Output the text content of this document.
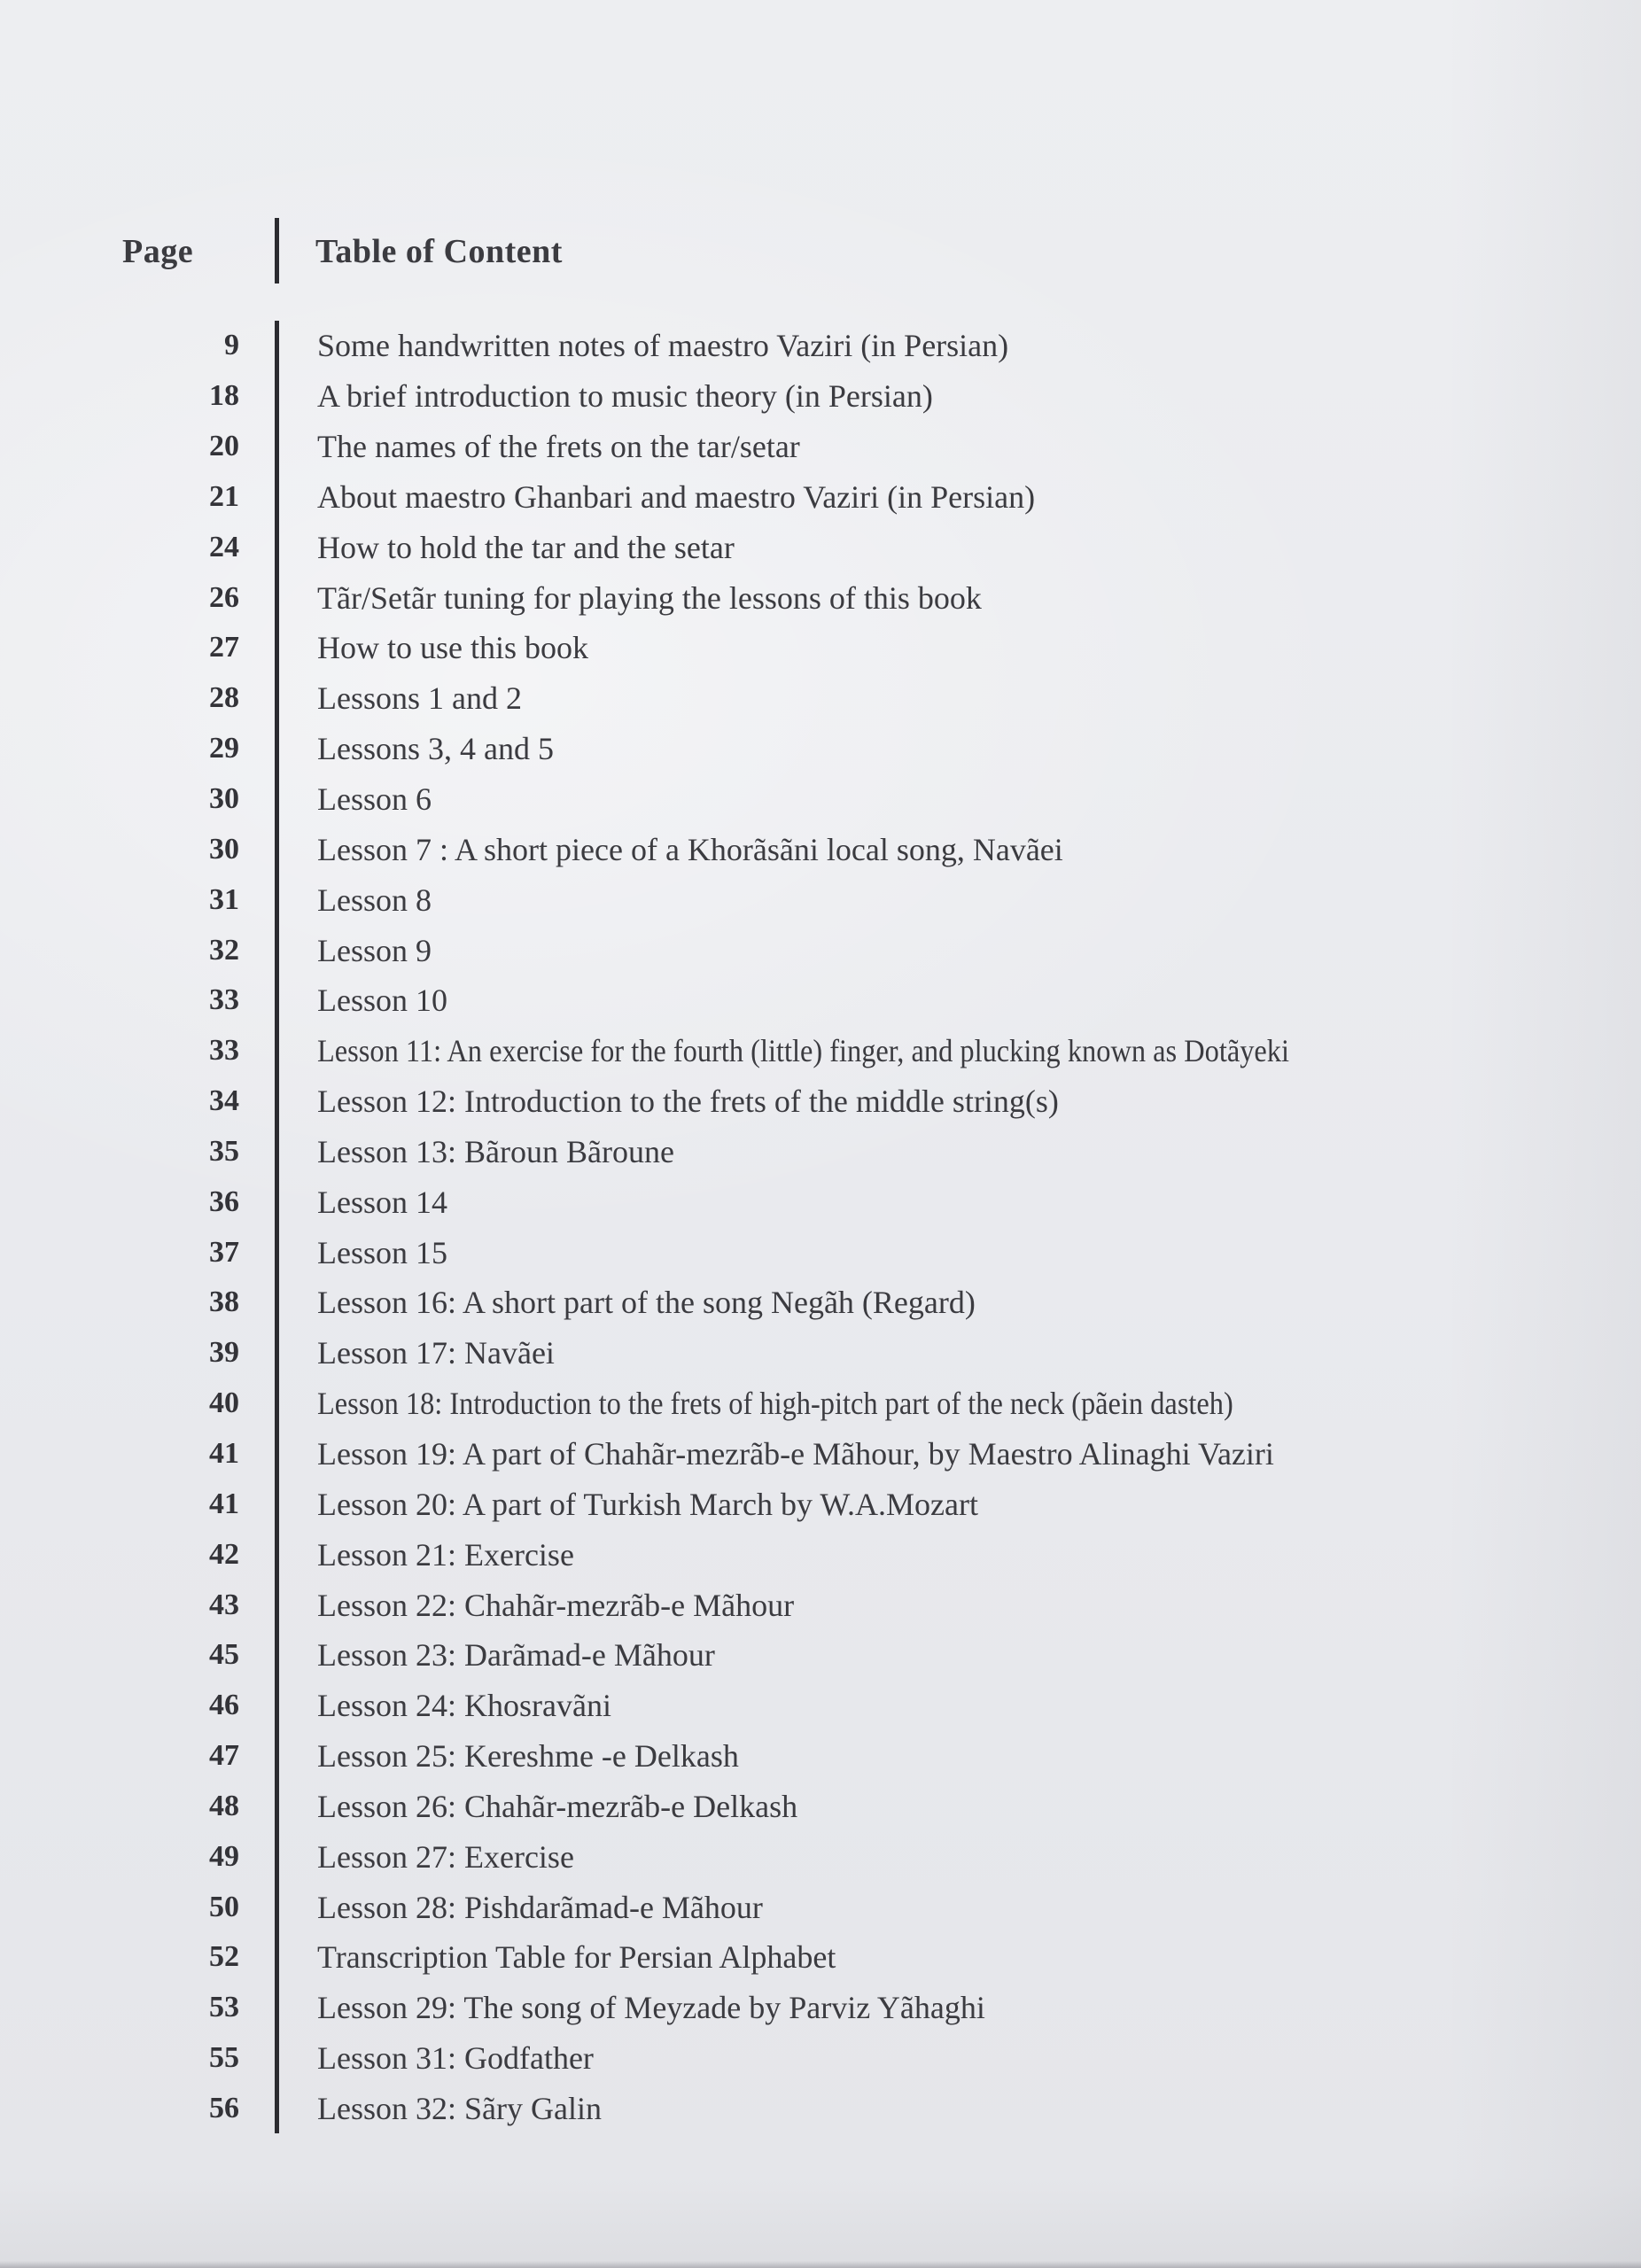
Page	Table of Content
9 Some handwritten notes of maestro Vaziri (in Persian)
18 A brief introduction to music theory (in Persian)
20 The names of the frets on the tar/setar
21 About maestro Ghanbari and maestro Vaziri (in Persian)
24 How to hold the tar and the setar
26 Tãr/Setãr tuning for playing the lessons of this book
27 How to use this book
28 Lessons 1 and 2
29 Lessons 3, 4 and 5
30 Lesson 6
30 Lesson 7 : A short piece of a Khorãsãni local song, Navãei
31 Lesson 8
32 Lesson 9
33 Lesson 10
33 Lesson 11: An exercise for the fourth (little) finger, and plucking known as Dotãyeki
34 Lesson 12: Introduction to the frets of the middle string(s)
35 Lesson 13: Bãroun Bãroune
36 Lesson 14
37 Lesson 15
38 Lesson 16: A short part of the song Negãh (Regard)
39 Lesson 17: Navãei
40 Lesson 18: Introduction to the frets of high-pitch part of the neck (pãein dasteh)
41 Lesson 19: A part of Chahãr-mezrãb-e Mãhour, by Maestro Alinaghi Vaziri
41 Lesson 20: A part of Turkish March by W.A.Mozart
42 Lesson 21: Exercise
43 Lesson 22: Chahãr-mezrãb-e Mãhour
45 Lesson 23: Darãmad-e Mãhour
46 Lesson 24: Khosravãni
47 Lesson 25: Kereshme -e Delkash
48 Lesson 26: Chahãr-mezrãb-e Delkash
49 Lesson 27: Exercise
50 Lesson 28: Pishdarãmad-e Mãhour
52 Transcription Table for Persian Alphabet
53 Lesson 29: The song of Meyzade by Parviz Yãhaghi
55 Lesson 31: Godfather
56 Lesson 32: Sãry Galin
